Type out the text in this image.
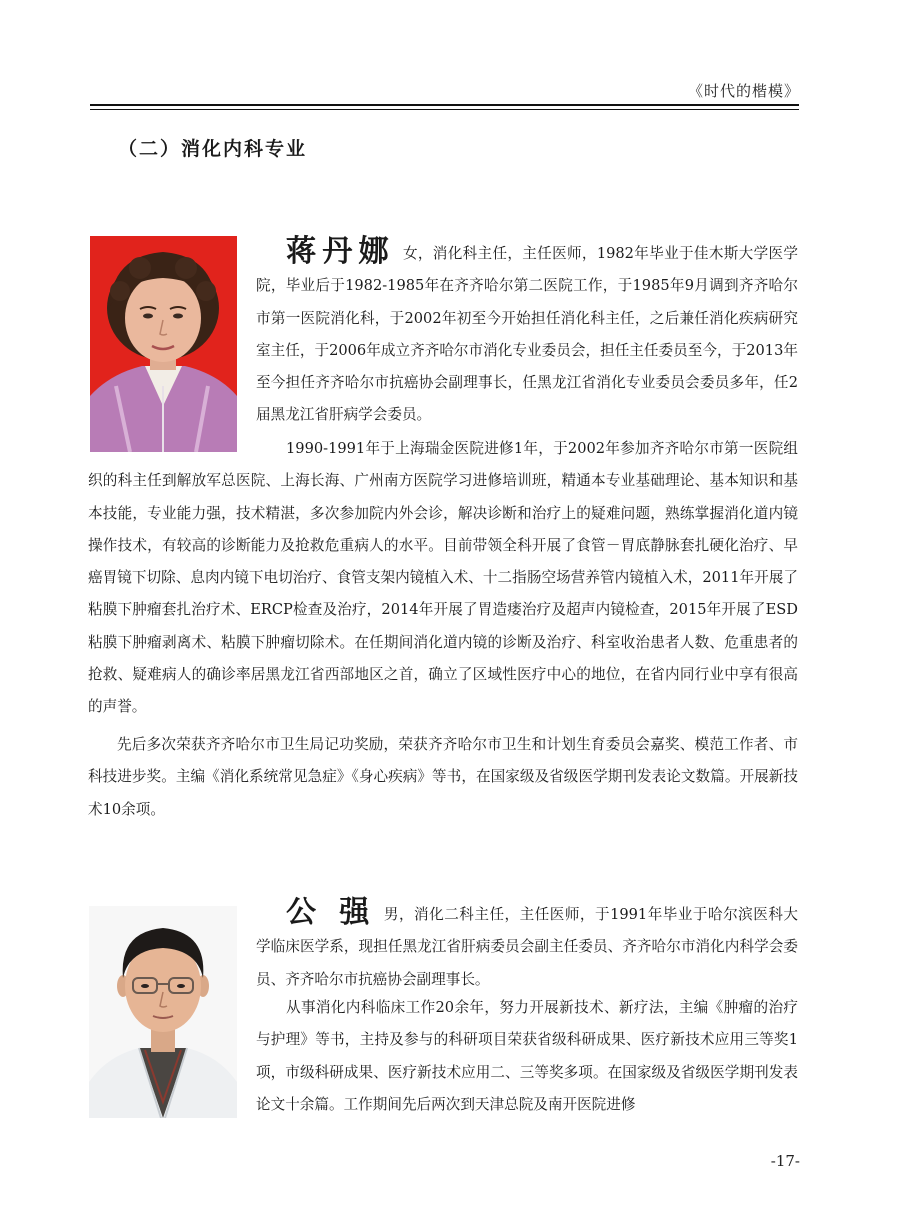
《时代的楷模》
（二）消化内科专业

蒋丹娜 女，消化科主任，主任医师，1982年毕业于佳木斯大学医学院，毕业后于1982-1985年在齐齐哈尔第二医院工作，于1985年9月调到齐齐哈尔市第一医院消化科，于2002年初至今开始担任消化科主任，之后兼任消化疾病研究室主任，于2006年成立齐齐哈尔市消化专业委员会，担任主任委员至今，于2013年至今担任齐齐哈尔市抗癌协会副理事长，任黑龙江省消化专业委员会委员多年，任2届黑龙江省肝病学会委员。

1990-1991年于上海瑞金医院进修1年，于2002年参加齐齐哈尔市第一医院组织的科主任到解放军总医院、上海长海、广州南方医院学习进修培训班，精通本专业基础理论、基本知识和基本技能，专业能力强，技术精湛，多次参加院内外会诊，解决诊断和治疗上的疑难问题，熟练掌握消化道内镜操作技术，有较高的诊断能力及抢救危重病人的水平。目前带领全科开展了食管－胃底静脉套扎硬化治疗、早癌胃镜下切除、息肉内镜下电切治疗、食管支架内镜植入术、十二指肠空场营养管内镜植入术，2011年开展了粘膜下肿瘤套扎治疗术、ERCP检查及治疗，2014年开展了胃造瘘治疗及超声内镜检查，2015年开展了ESD粘膜下肿瘤剥离术、粘膜下肿瘤切除术。在任期间消化道内镜的诊断及治疗、科室收治患者人数、危重患者的抢救、疑难病人的确诊率居黑龙江省西部地区之首，确立了区域性医疗中心的地位，在省内同行业中享有很高的声誉。

先后多次荣获齐齐哈尔市卫生局记功奖励，荣获齐齐哈尔市卫生和计划生育委员会嘉奖、模范工作者、市科技进步奖。主编《消化系统常见急症》《身心疾病》等书，在国家级及省级医学期刊发表论文数篇。开展新技术10余项。

公 强 男，消化二科主任，主任医师，于1991年毕业于哈尔滨医科大学临床医学系，现担任黑龙江省肝病委员会副主任委员、齐齐哈尔市消化内科学会委员、齐齐哈尔市抗癌协会副理事长。

从事消化内科临床工作20余年，努力开展新技术、新疗法，主编《肿瘤的治疗与护理》等书，主持及参与的科研项目荣获省级科研成果、医疗新技术应用三等奖1项，市级科研成果、医疗新技术应用二、三等奖多项。在国家级及省级医学期刊发表论文十余篇。工作期间先后两次到天津总院及南开医院进修

-17-
